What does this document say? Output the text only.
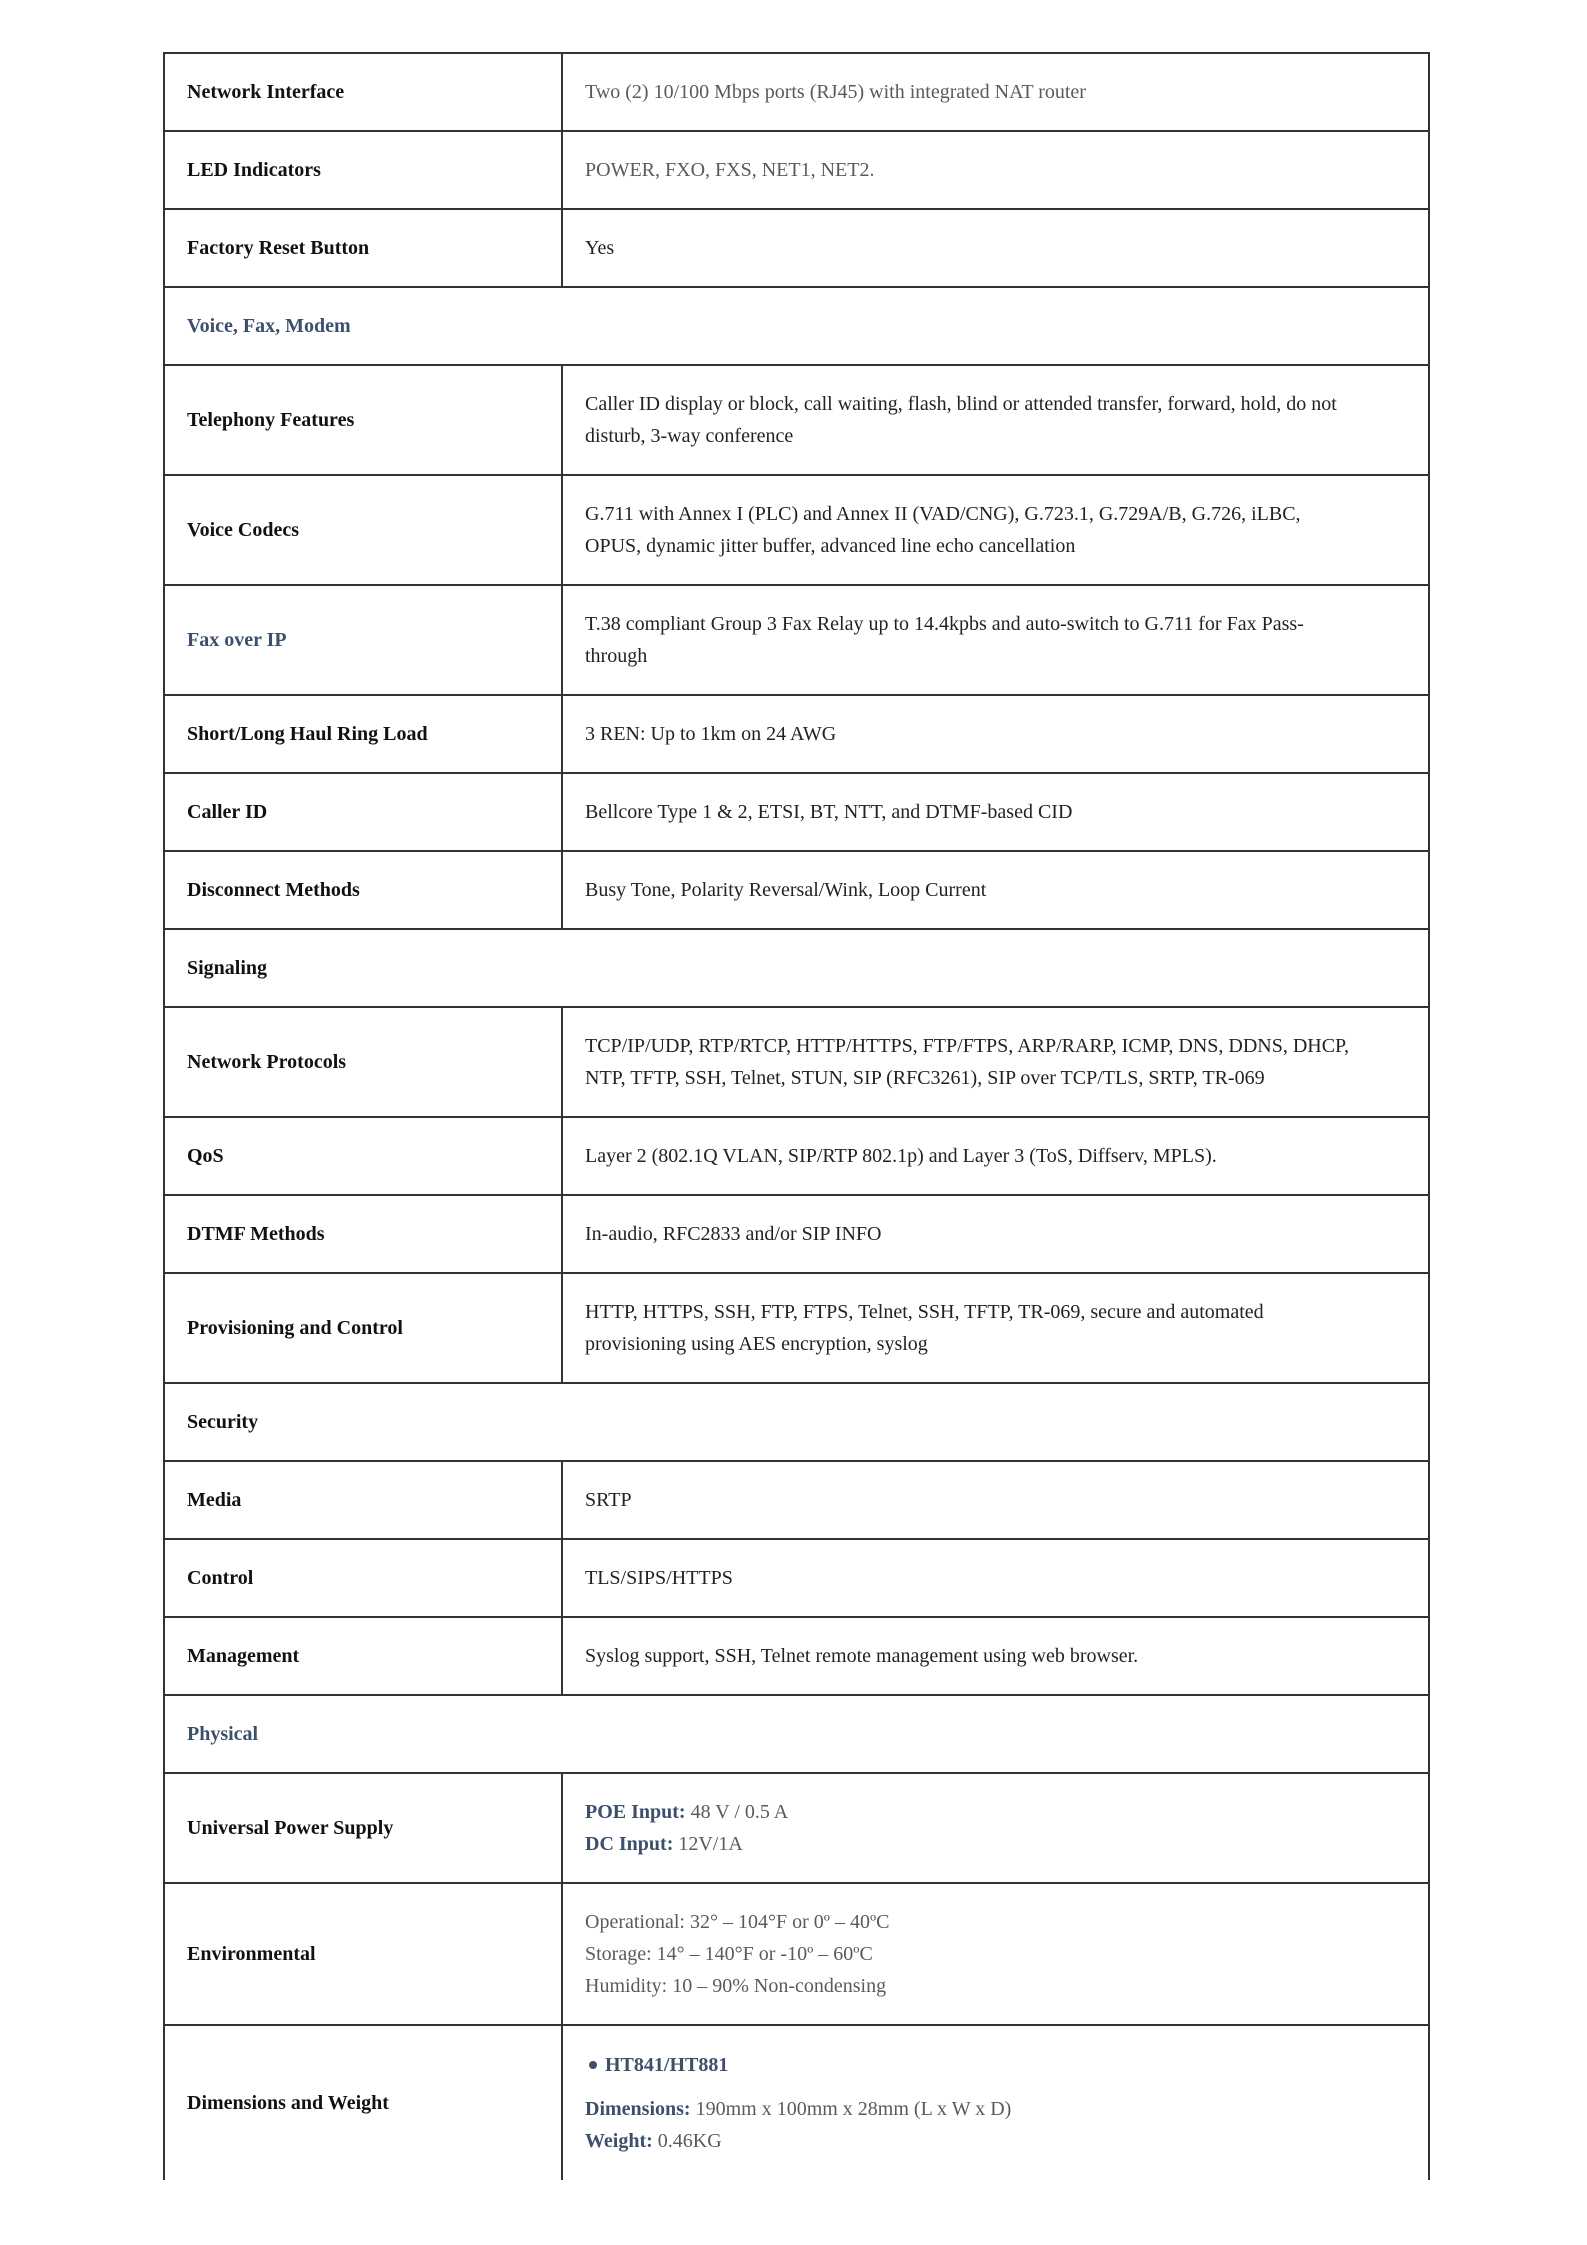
Network Interface	Two (2) 10/100 Mbps ports (RJ45) with integrated NAT router
LED Indicators	POWER, FXO, FXS, NET1, NET2.
Factory Reset Button	Yes
Voice, Fax, Modem	
Telephony Features	Caller ID display or block, call waiting, flash, blind or attended transfer, forward, hold, do not
disturb, 3-way conference

Voice Codecs	G.711 with Annex I (PLC) and Annex II (VAD/CNG), G.723.1, G.729A/B, G.726, iLBC,
OPUS, dynamic jitter buffer, advanced line echo cancellation

Fax over IP	T.38 compliant Group 3 Fax Relay up to 14.4kpbs and auto-switch to G.711 for Fax Pass-
through

Short/Long Haul Ring Load	3 REN: Up to 1km on 24 AWG
Caller ID	Bellcore Type 1 & 2, ETSI, BT, NTT, and DTMF-based CID
Disconnect Methods	Busy Tone, Polarity Reversal/Wink, Loop Current
Signaling	
Network Protocols	TCP/IP/UDP, RTP/RTCP, HTTP/HTTPS, FTP/FTPS, ARP/RARP, ICMP, DNS, DDNS, DHCP,
NTP, TFTP, SSH, Telnet, STUN, SIP (RFC3261), SIP over TCP/TLS, SRTP, TR-069

QoS	Layer 2 (802.1Q VLAN, SIP/RTP 802.1p) and Layer 3 (ToS, Diffserv, MPLS).
DTMF Methods	In-audio, RFC2833 and/or SIP INFO
Provisioning and Control	HTTP, HTTPS, SSH, FTP, FTPS, Telnet, SSH, TFTP, TR-069, secure and automated
provisioning using AES encryption, syslog

Security	
Media	SRTP
Control	TLS/SIPS/HTTPS
Management	Syslog support, SSH, Telnet remote management using web browser.
Physical	
Universal Power Supply	POE Input: 48 V / 0.5 A
DC Input: 12V/1A

Environmental	Operational: 32° – 104°F or 0º – 40ºC
Storage: 14° – 140°F or -10º – 60ºC
Humidity: 10 – 90% Non-condensing

Dimensions and Weight	HT841/HT881
Dimensions: 190mm x 100mm x 28mm (L x W x D)
Weight: 0.46KG
